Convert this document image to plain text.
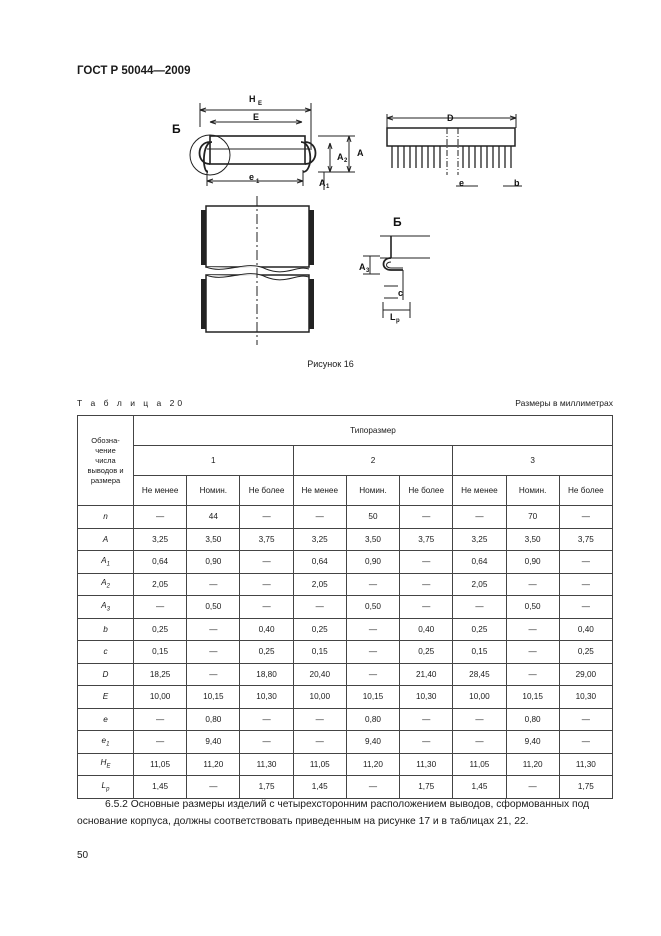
ГОСТ Р 50044—2009
H E
E
Б
e 1
A
A 2
A 1
D
e	b
Б
A 3
c
L p
Рисунок 16
Т а б л и ц а 20	Размеры в миллиметрах
Обозна-
чение
числа
выводов и
размера	Типоразмер								
	1			2			3		
	Не менее	Номин.	Не более	Не менее	Номин.	Не более	Не менее	Номин.	Не более
n	—	44	—	—	50	—	—	70	—
A	3,25	3,50	3,75	3,25	3,50	3,75	3,25	3,50	3,75
$A_1$	0,64	0,90	—	0,64	0,90	—	0,64	0,90	—
$A_2$	2,05	—	—	2,05	—	—	2,05	—	—
$A_3$	—	0,50	—	—	0,50	—	—	0,50	—
b	0,25	—	0,40	0,25	—	0,40	0,25	—	0,40
c	0,15	—	0,25	0,15	—	0,25	0,15	—	0,25
D	18,25	—	18,80	20,40	—	21,40	28,45	—	29,00
E	10,00	10,15	10,30	10,00	10,15	10,30	10,00	10,15	10,30
e	—	0,80	—	—	0,80	—	—	0,80	—
$e_1$	—	9,40	—	—	9,40	—	—	9,40	—
$H_E$	11,05	11,20	11,30	11,05	11,20	11,30	11,05	11,20	11,30
$L_p$	1,45	—	1,75	1,45	—	1,75	1,45	—	1,75
6.5.2 Основные размеры изделий с четырехсторонним расположением выводов, сформованных под основание корпуса, должны соответствовать приведенным на рисунке 17 и в таблицах 21, 22.
50
